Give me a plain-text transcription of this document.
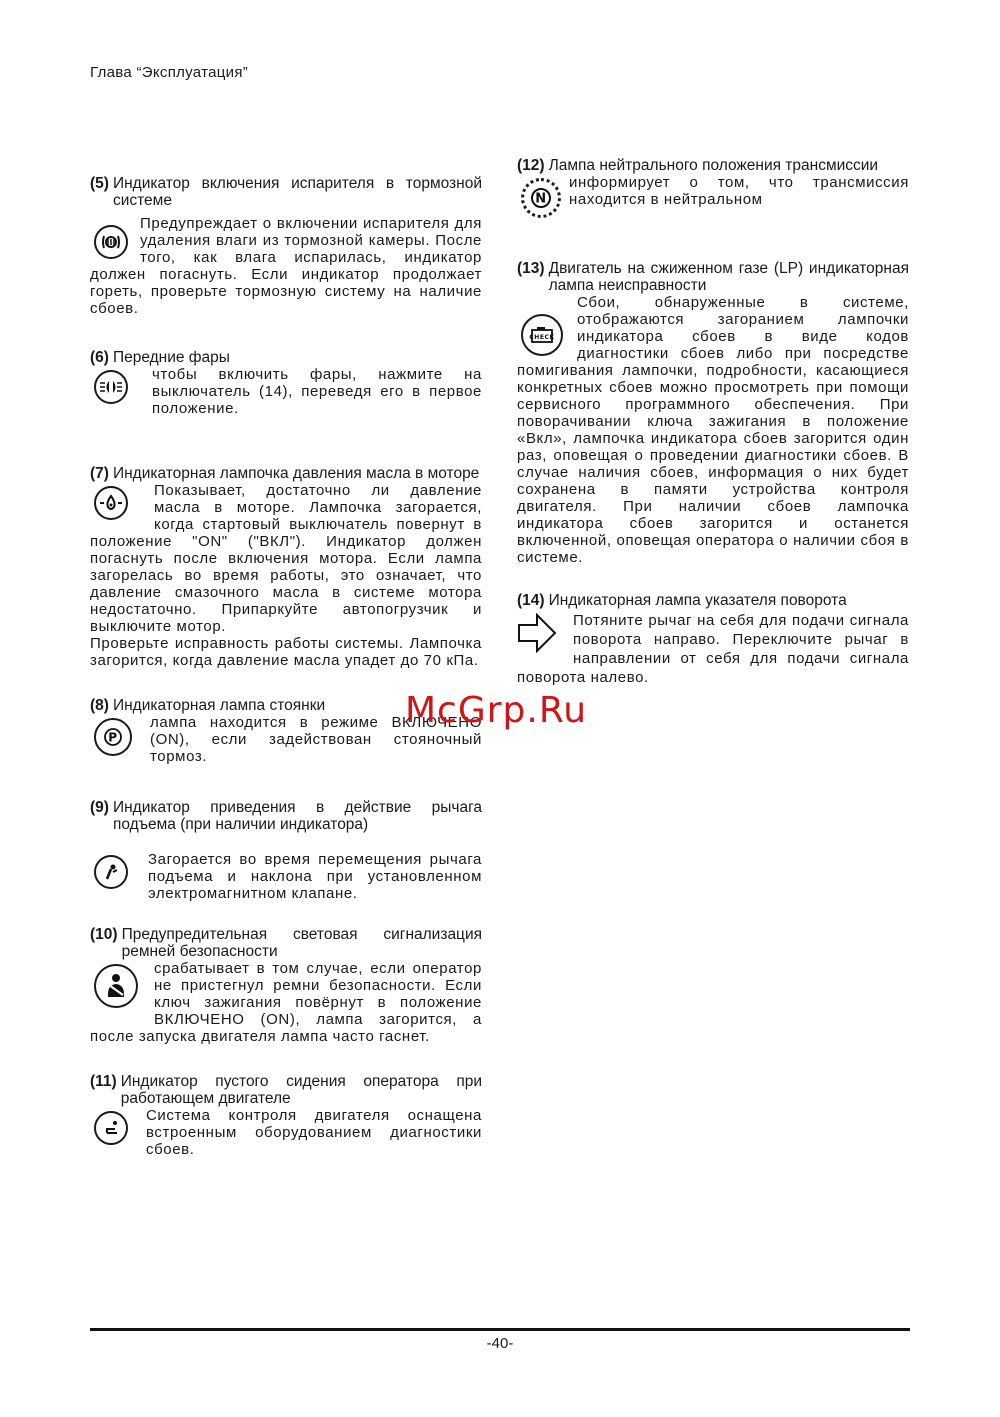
Глава “Эксплуатация”
(5) Индикатор включения испарителя в тормозной системе
Предупреждает о включении испарителя для удаления влаги из тормозной камеры. После того, как влага испарилась, индикатор должен погаснуть. Если индикатор продолжает гореть, проверьте тормозную систему на наличие сбоев.
(6) Передние фары
чтобы включить фары, нажмите на выключатель (14), переведя его в первое положение.
(7) Индикаторная лампочка давления масла в моторе
Показывает, достаточно ли давление масла в моторе. Лампочка загорается, когда стартовый выключатель повернут в положение "ON" ("ВКЛ"). Индикатор должен погаснуть после включения мотора. Если лампа загорелась во время работы, это означает, что давление смазочного масла в системе мотора недостаточно. Припаркуйте автопогрузчик и выключите мотор.
Проверьте исправность работы системы. Лампочка загорится, когда давление масла упадет до 70 кПа.
(8) Индикаторная лампа стоянки
P
лампа находится в режиме ВКЛЮЧЕНО (ON), если задействован стояночный тормоз.
(9) Индикатор приведения в действие рычага подъема (при наличии индикатора)
Загорается во время перемещения рычага подъема и наклона при установленном электромагнитном клапане.
(10) Предупредительная световая сигнализация ремней безопасности
срабатывает в том случае, если оператор не пристегнул ремни безопасности. Если ключ зажигания повёрнут в положение ВКЛЮЧЕНО (ON), лампа загорится, а после запуска двигателя лампа часто гаснет.
(11) Индикатор пустого сидения оператора при работающем двигателе
Система контроля двигателя оснащена встроенным оборудованием диагностики сбоев.
(12) Лампа нейтрального положения трансмиссии
N
информирует о том, что трансмиссия находится в нейтральном
(13) Двигатель на сжиженном газе (LP) индикаторная лампа неисправности
CHECK
Сбои, обнаруженные в системе, отображаются загоранием лампочки индикатора сбоев в виде кодов диагностики сбоев либо при посредстве помигивания лампочки, подробности, касающиеся конкретных сбоев можно просмотреть при помощи сервисного программного обеспечения. При поворачивании ключа зажигания в положение «Вкл», лампочка индикатора сбоев загорится один раз, оповещая о проведении диагностики сбоев. В случае наличия сбоев, информация о них будет сохранена в памяти устройства контроля двигателя. При наличии сбоев лампочка индикатора сбоев загорится и останется включенной, оповещая оператора о наличии сбоя в системе.
(14) Индикаторная лампа указателя поворота
Потяните рычаг на себя для подачи сигнала поворота направо. Переключите рычаг в направлении от себя для подачи сигнала поворота налево.
McGrp.Ru
-40-
